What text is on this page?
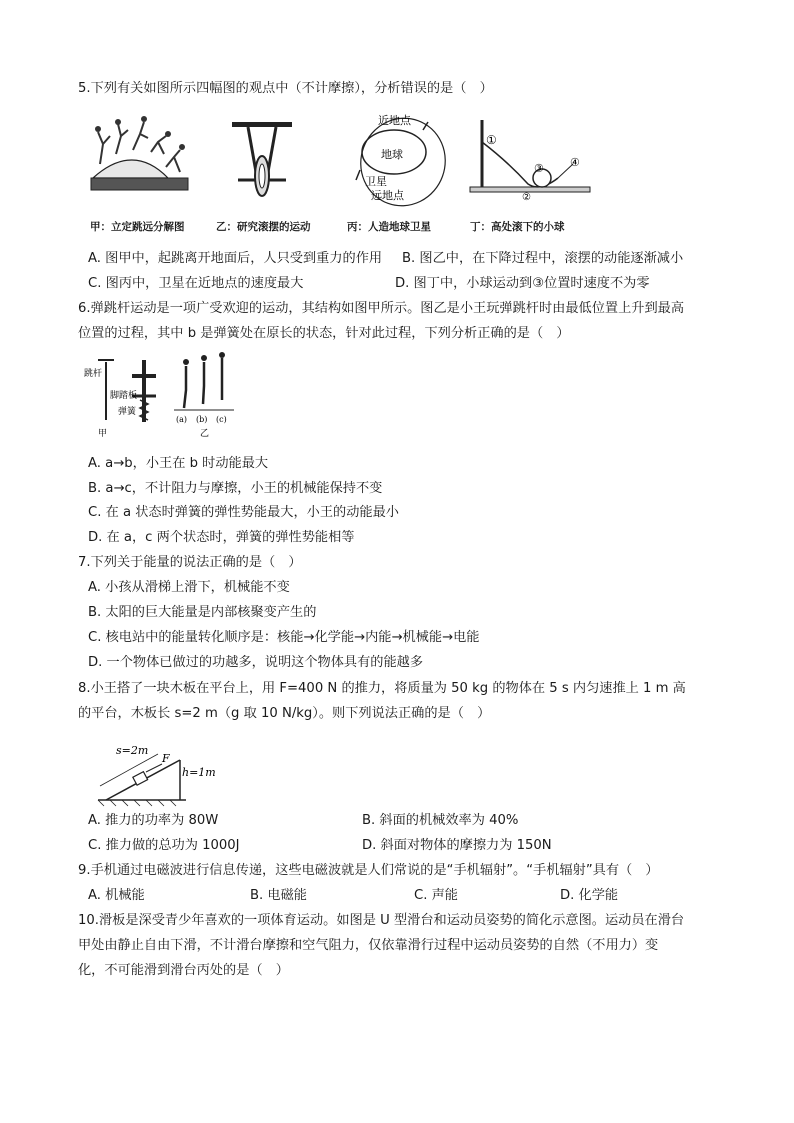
5.下列有关如图所示四幅图的观点中（不计摩擦），分析错误的是（　）
地球
近地点
卫星
远地点
①
③ ④
②
甲：立定跳远分解图	乙：研究滚摆的运动	丙：人造地球卫星	丁：高处滚下的小球
A. 图甲中，起跳离开地面后，人只受到重力的作用 B. 图乙中，在下降过程中，滚摆的动能逐渐减小
C. 图丙中，卫星在近地点的速度最大	D. 图丁中，小球运动到③位置时速度不为零
6.弹跳杆运动是一项广受欢迎的运动，其结构如图甲所示。图乙是小王玩弹跳杆时由最低位置上升到最高
位置的过程，其中 b 是弹簧处在原长的状态，针对此过程，下列分析正确的是（　）
跳杆
脚踏板
弹簧
甲
(a) (b) (c)
乙
A. a→b，小王在 b 时动能最大
B. a→c，不计阻力与摩擦，小王的机械能保持不变
C. 在 a 状态时弹簧的弹性势能最大，小王的动能最小
D. 在 a，c 两个状态时，弹簧的弹性势能相等
7.下列关于能量的说法正确的是（　）
A. 小孩从滑梯上滑下，机械能不变
B. 太阳的巨大能量是内部核聚变产生的
C. 核电站中的能量转化顺序是：核能→化学能→内能→机械能→电能
D. 一个物体已做过的功越多，说明这个物体具有的能越多
8.小王搭了一块木板在平台上，用 F=400 N 的推力，将质量为 50 kg 的物体在 5 s 内匀速推上 1 m 高
的平台，木板长 s=2 m（g 取 10 N/kg）。则下列说法正确的是（　）
s=2m
F
h=1m
A. 推力的功率为 80W	B. 斜面的机械效率为 40%
C. 推力做的总功为 1000J	D. 斜面对物体的摩擦力为 150N
9.手机通过电磁波进行信息传递，这些电磁波就是人们常说的是“手机辐射”。“手机辐射”具有（　）
A. 机械能	B. 电磁能	C. 声能	D. 化学能
10.滑板是深受青少年喜欢的一项体育运动。如图是 U 型滑台和运动员姿势的简化示意图。运动员在滑台
甲处由静止自由下滑，不计滑台摩擦和空气阻力，仅依靠滑行过程中运动员姿势的自然（不用力）变
化，不可能滑到滑台丙处的是（　）
